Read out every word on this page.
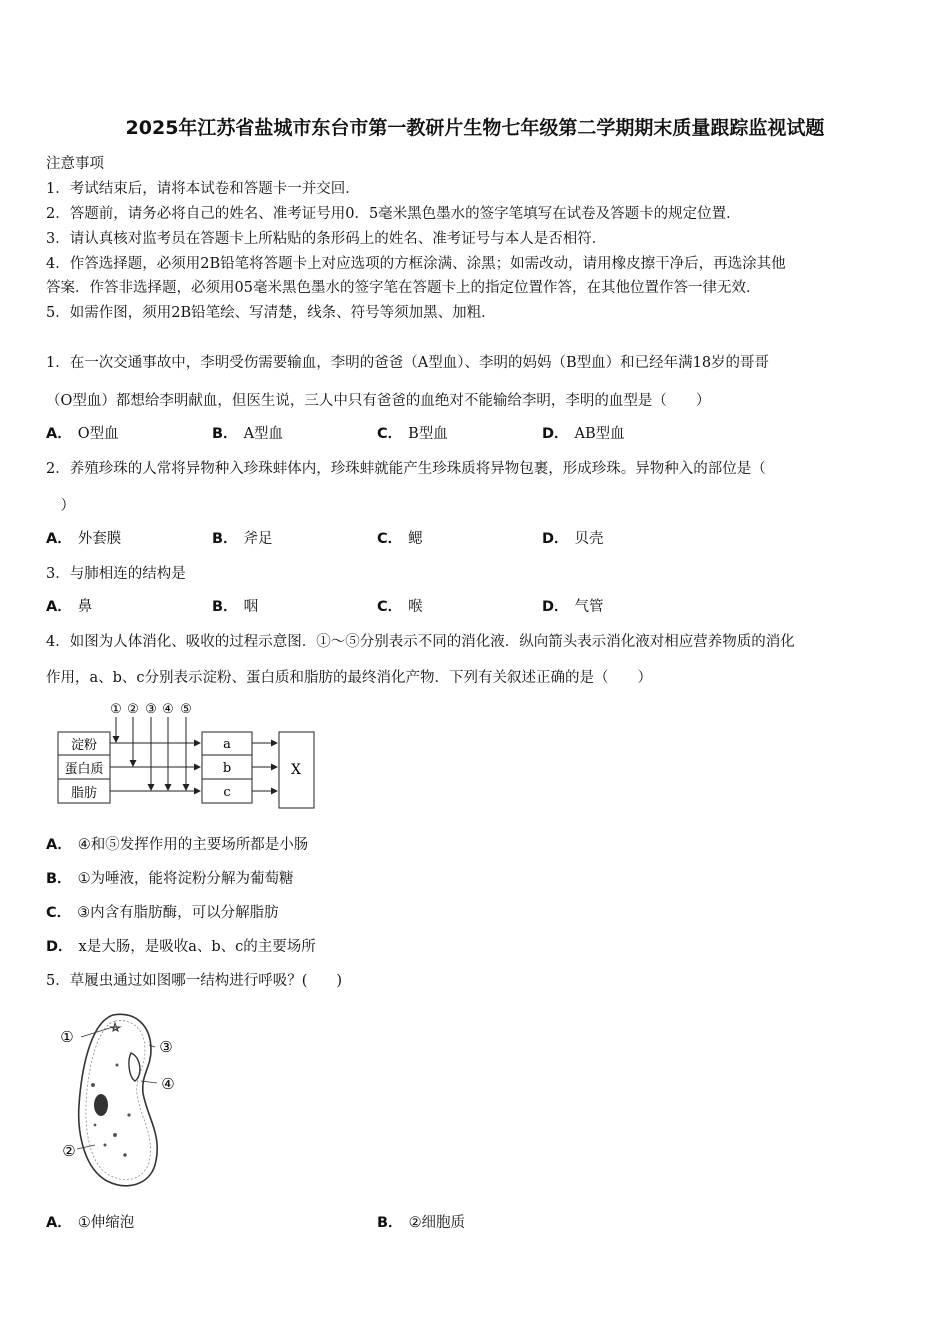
2025年江苏省盐城市东台市第一教研片生物七年级第二学期期末质量跟踪监视试题
注意事项
1．考试结束后，请将本试卷和答题卡一并交回．
2．答题前，请务必将自己的姓名、准考证号用0．5毫米黑色墨水的签字笔填写在试卷及答题卡的规定位置．
3．请认真核对监考员在答题卡上所粘贴的条形码上的姓名、准考证号与本人是否相符．
4．作答选择题，必须用2B铅笔将答题卡上对应选项的方框涂满、涂黑；如需改动，请用橡皮擦干净后，再选涂其他
答案．作答非选择题，必须用05毫米黑色墨水的签字笔在答题卡上的指定位置作答，在其他位置作答一律无效．
5．如需作图，须用2B铅笔绘、写清楚，线条、符号等须加黑、加粗．
1．在一次交通事故中，李明受伤需要输血，李明的爸爸（A型血）、李明的妈妈（B型血）和已经年满18岁的哥哥
（O型血）都想给李明献血，但医生说，三人中只有爸爸的血绝对不能输给李明，李明的血型是（　　）
A． O型血	B． A型血	C． B型血	D． AB型血
2．养殖珍珠的人常将异物种入珍珠蚌体内，珍珠蚌就能产生珍珠质将异物包裹，形成珍珠。异物种入的部位是（
　）
A． 外套膜	B． 斧足	C． 鳃	D． 贝壳
3．与肺相连的结构是
A． 鼻	B． 咽	C． 喉	D． 气管
4．如图为人体消化、吸收的过程示意图．①～⑤分别表示不同的消化液．纵向箭头表示消化液对相应营养物质的消化
作用，a、b、c分别表示淀粉、蛋白质和脂肪的最终消化产物．下列有关叙述正确的是（　　）
① ② ③ ④ ⑤
淀粉
蛋白质
脂肪
a
b
c
X
A． ④和⑤发挥作用的主要场所都是小肠
B． ①为唾液，能将淀粉分解为葡萄糖
C． ③内含有脂肪酶，可以分解脂肪
D． x是大肠，是吸收a、b、c的主要场所
5．草履虫通过如图哪一结构进行呼吸？(　　)
①
②
③
④
A． ①伸缩泡	B． ②细胞质
